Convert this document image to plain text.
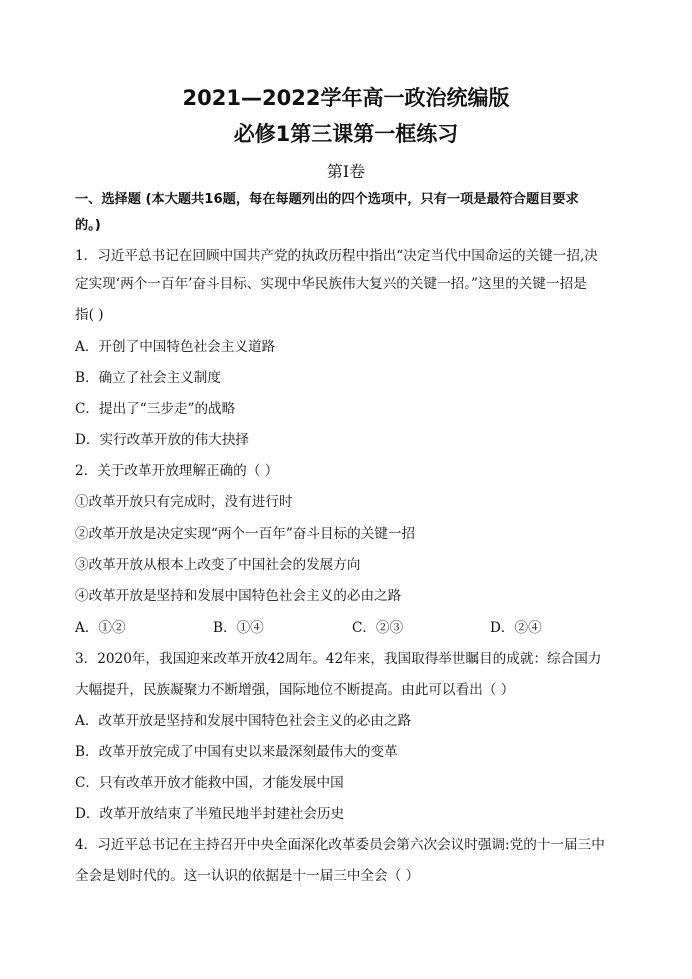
2021—2022学年高一政治统编版
必修1第三课第一框练习
第Ⅰ卷
一、选择题 (本大题共16题，每在每题列出的四个选项中，只有一项是最符合题目要求
的。)
1．习近平总书记在回顾中国共产党的执政历程中指出“决定当代中国命运的关键一招,决
定实现‘两个一百年’奋斗目标、实现中华民族伟大复兴的关键一招。”这里的关键一招是
指( )
A．开创了中国特色社会主义道路
B．确立了社会主义制度
C．提出了“三步走”的战略
D．实行改革开放的伟大抉择
2．关于改革开放理解正确的（ ）
①改革开放只有完成时，没有进行时
②改革开放是决定实现“两个一百年”奋斗目标的关键一招
③改革开放从根本上改变了中国社会的发展方向
④改革开放是坚持和发展中国特色社会主义的必由之路
A．①②	B．①④	C．②③	D．②④
3．2020年，我国迎来改革开放42周年。42年来，我国取得举世瞩目的成就：综合国力
大幅提升，民族凝聚力不断增强，国际地位不断提高。由此可以看出（ ）
A．改革开放是坚持和发展中国特色社会主义的必由之路
B．改革开放完成了中国有史以来最深刻最伟大的变革
C．只有改革开放才能救中国，才能发展中国
D．改革开放结束了半殖民地半封建社会历史
4．习近平总书记在主持召开中央全面深化改革委员会第六次会议时强调:党的十一届三中
全会是划时代的。这一认识的依据是十一届三中全会（ ）
